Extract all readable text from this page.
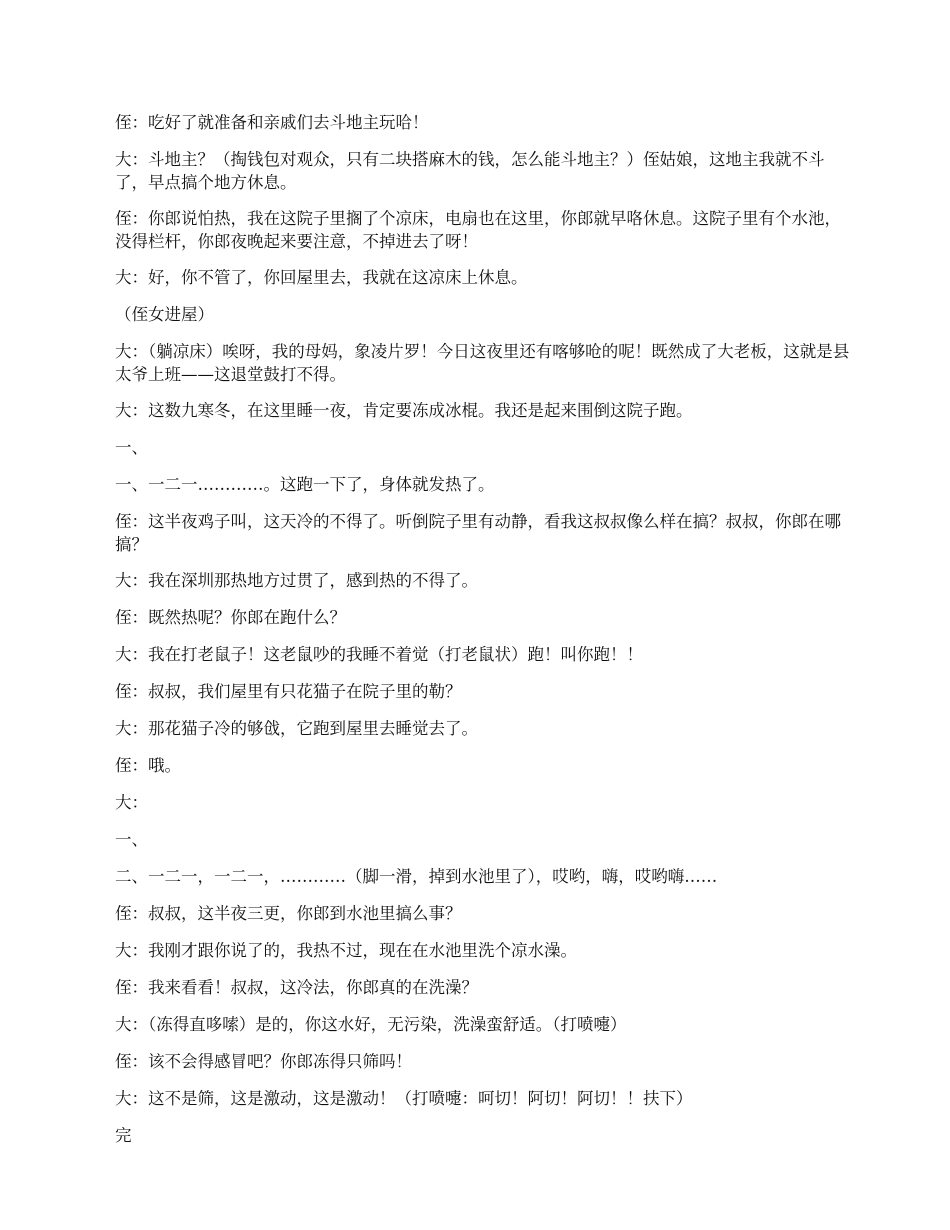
侄：吃好了就准备和亲戚们去斗地主玩哈！

大：斗地主？（掏钱包对观众，只有二块搭麻木的钱，怎么能斗地主？）侄姑娘，这地主我就不斗了，早点搞个地方休息。

侄：你郎说怕热，我在这院子里搁了个凉床，电扇也在这里，你郎就早咯休息。这院子里有个水池，没得栏杆，你郎夜晚起来要注意，不掉进去了呀！

大：好，你不管了，你回屋里去，我就在这凉床上休息。

（侄女进屋）

大：（躺凉床）唉呀，我的母妈，象凌片罗！今日这夜里还有喀够呛的呢！既然成了大老板，这就是县太爷上班——这退堂鼓打不得。

大：这数九寒冬，在这里睡一夜，肯定要冻成冰棍。我还是起来围倒这院子跑。

一、

一、一二一…………。这跑一下了，身体就发热了。

侄：这半夜鸡子叫，这天冷的不得了。听倒院子里有动静，看我这叔叔像么样在搞？叔叔，你郎在哪搞？

大：我在深圳那热地方过贯了，感到热的不得了。

侄：既然热呢？你郎在跑什么？

大：我在打老鼠子！这老鼠吵的我睡不着觉（打老鼠状）跑！叫你跑！！

侄：叔叔，我们屋里有只花猫子在院子里的勒？

大：那花猫子冷的够戗，它跑到屋里去睡觉去了。

侄：哦。

大：

一、

二、一二一，一二一，…………（脚一滑，掉到水池里了），哎哟，嗨，哎哟嗨……

侄：叔叔，这半夜三更，你郎到水池里搞么事？

大：我刚才跟你说了的，我热不过，现在在水池里洗个凉水澡。

侄：我来看看！叔叔，这冷法，你郎真的在洗澡？

大：（冻得直哆嗦）是的，你这水好，无污染，洗澡蛮舒适。（打喷嚏）

侄：该不会得感冒吧？你郎冻得只筛吗！

大：这不是筛，这是激动，这是激动！（打喷嚏：呵切！阿切！阿切！！扶下）

完
